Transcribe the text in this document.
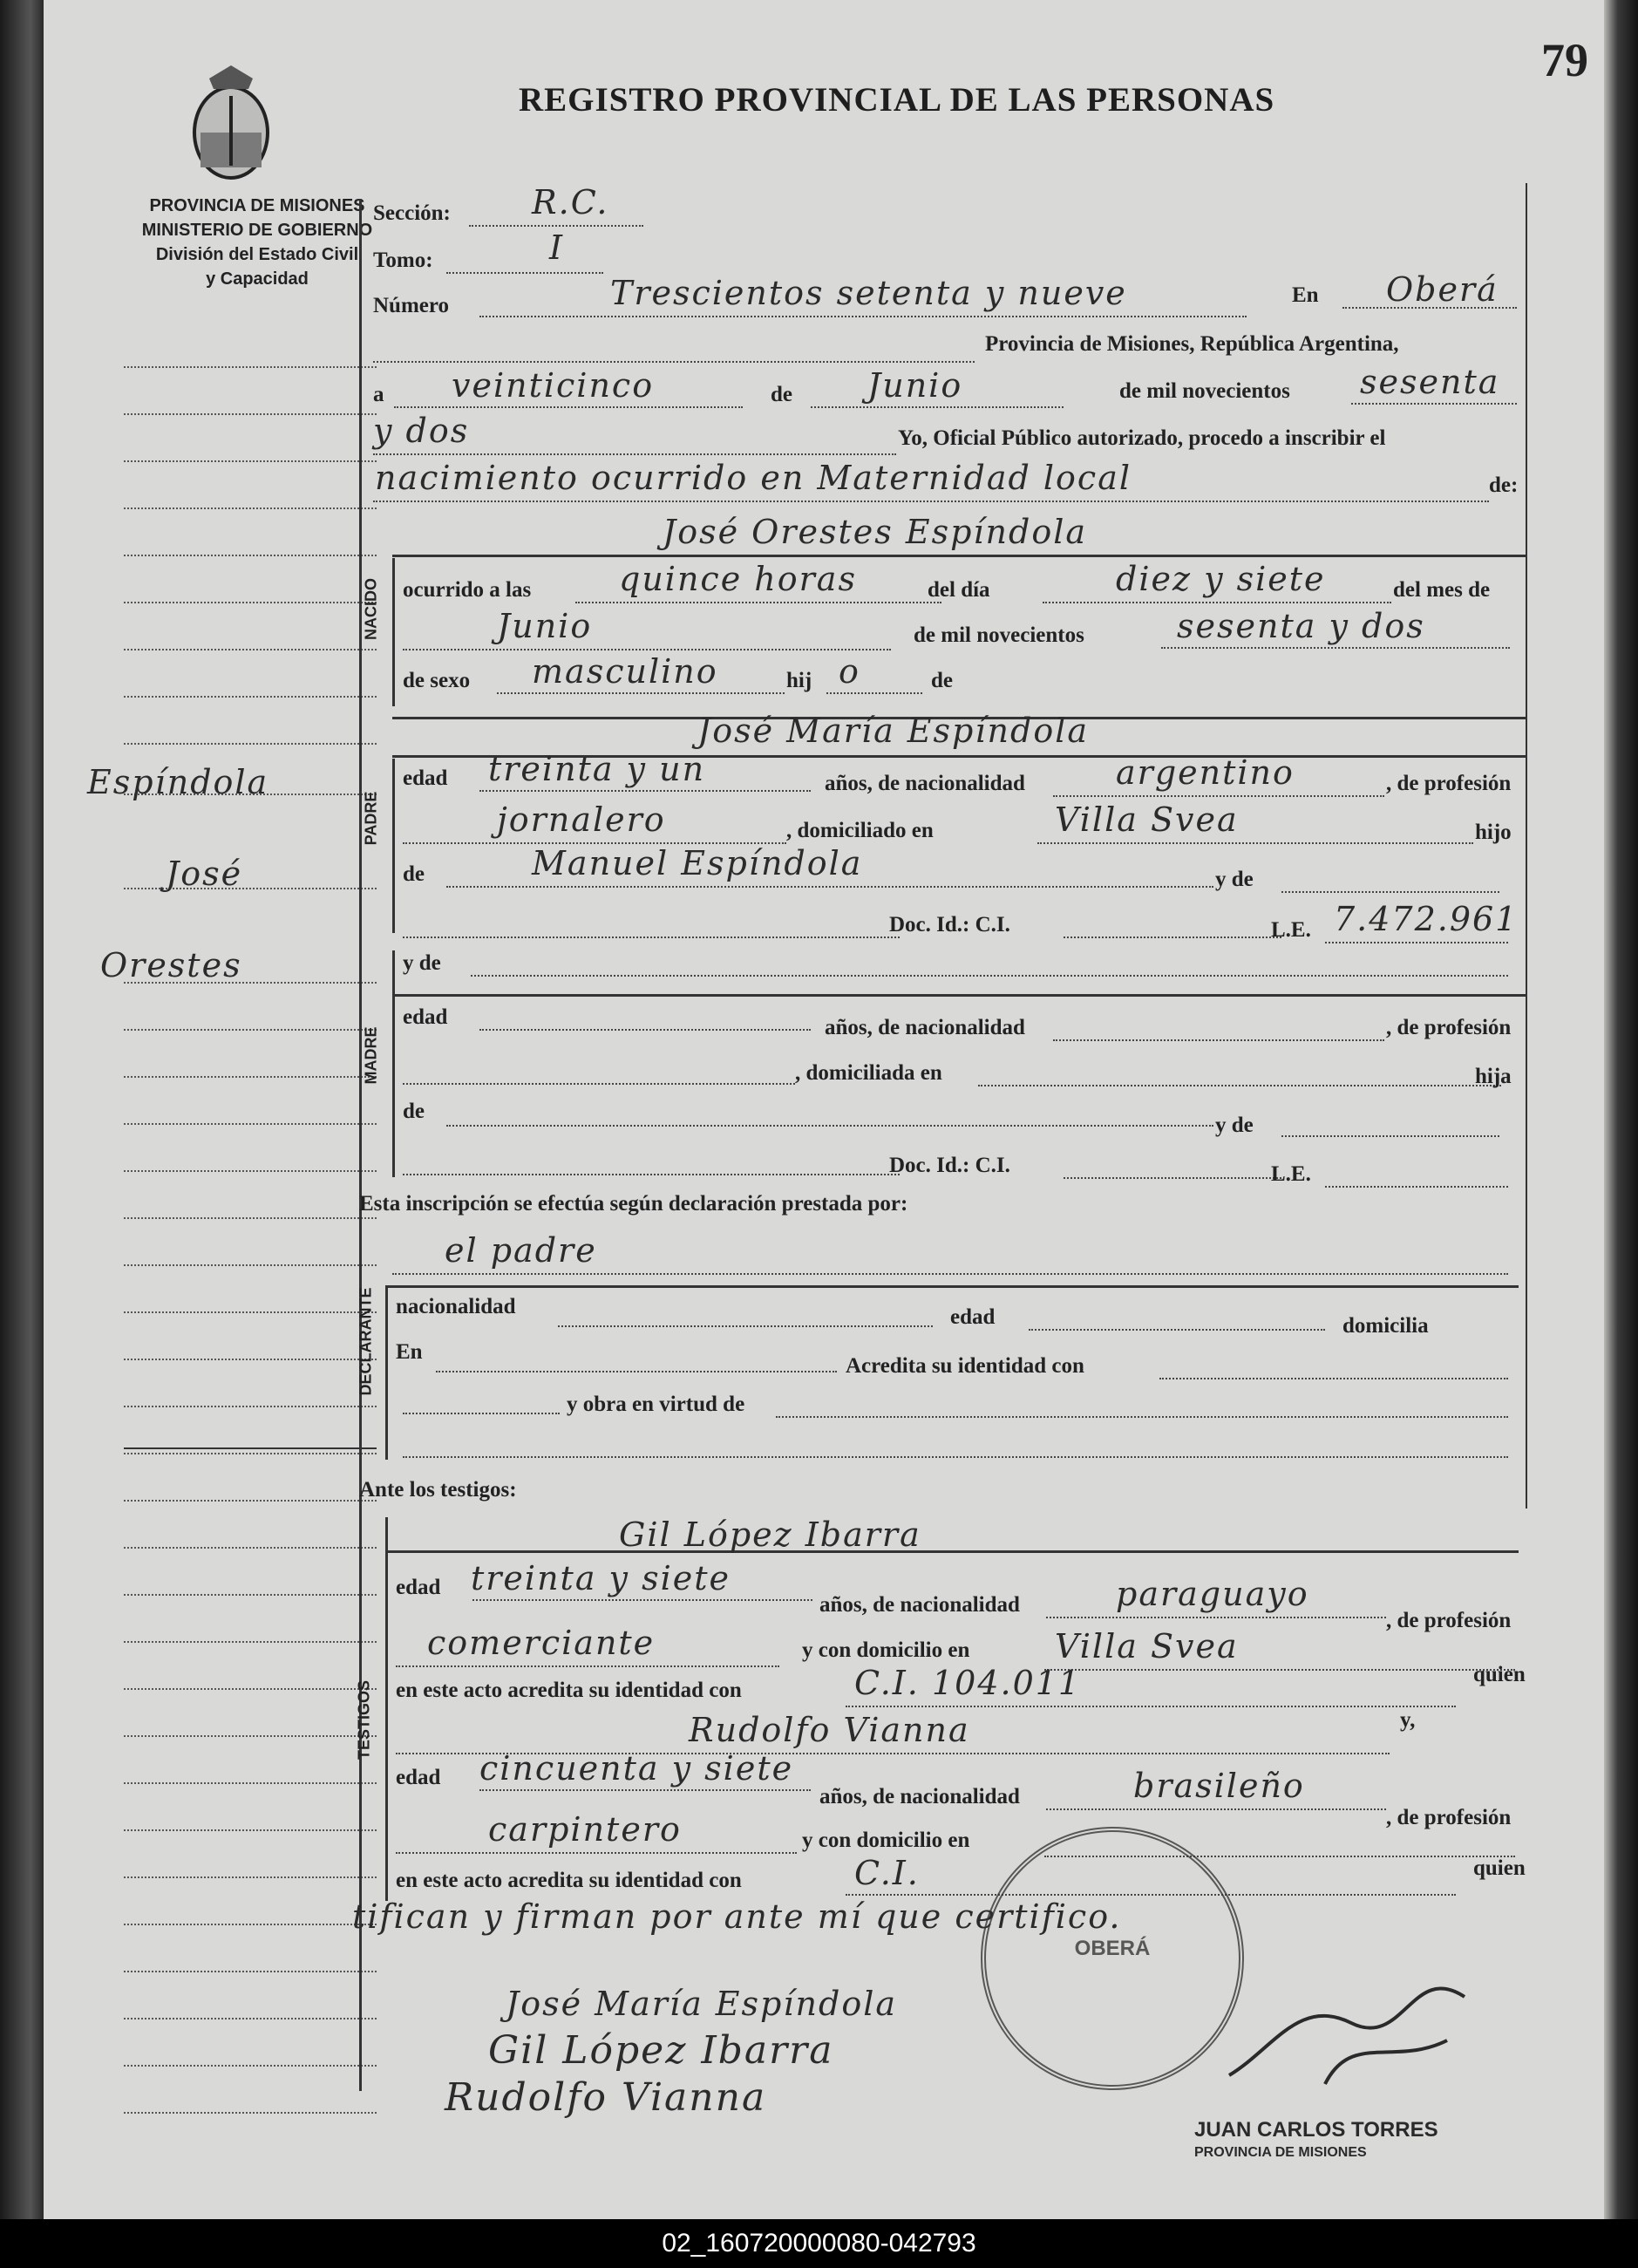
79
REGISTRO PROVINCIAL DE LAS PERSONAS
PROVINCIA DE MISIONES
MINISTERIO DE GOBIERNO
División del Estado Civil
y Capacidad
Espíndola
José
Orestes
Sección: R.C.
Tomo:	I
Número	Trescientos setenta y nueve	En Oberá
Provincia de Misiones, República Argentina,
a veinticinco	de Junio	de mil novecientos sesenta
y dos	Yo, Oficial Público autorizado, procedo a inscribir el
nacimiento ocurrido en Maternidad local	de:
José Orestes Espíndola
NACIDO ocurrido a las	quince horas	del día	diez y siete	del mes de
Junio	de mil novecientos	sesenta y dos
de sexo masculino	hij o	de
José María Espíndola
PADRE
edad treinta y un	años, de nacionalidad	argentino	, de profesión
jornalero	, domiciliado en	Villa Svea	hijo
de	Manuel Espíndola	y de
Doc. Id.: C.I.	L.E. 7.472.961
y de
MADRE
edad	años, de nacionalidad	, de profesión
, domiciliada en	hija
de
y de
Doc. Id.: C.I.	L.E.
Esta inscripción se efectúa según declaración prestada por:
el padre
DECLARANTE nacionalidad	edad	domicilia
En
Acredita su identidad con
y obra en virtud de
Ante los testigos:
Gil López Ibarra
TESTIGOS
edad treinta y siete
años, de nacionalidad	paraguayo
, de profesión
comerciante	y con domicilio en	Villa Svea
en este acto acredita su identidad con	C.I. 104.011	quien
Rudolfo Vianna	y,
edad cincuenta y siete
años, de nacionalidad	brasileño
, de profesión
carpintero	y con domicilio en
en este acto acredita su identidad con	C.I.	quien
tifican y firman por ante mí que certifico.
José María Espíndola
Gil López Ibarra
Rudolfo Vianna
OBERÁ
JUAN CARLOS TORRES
PROVINCIA DE MISIONES
02_160720000080-042793
